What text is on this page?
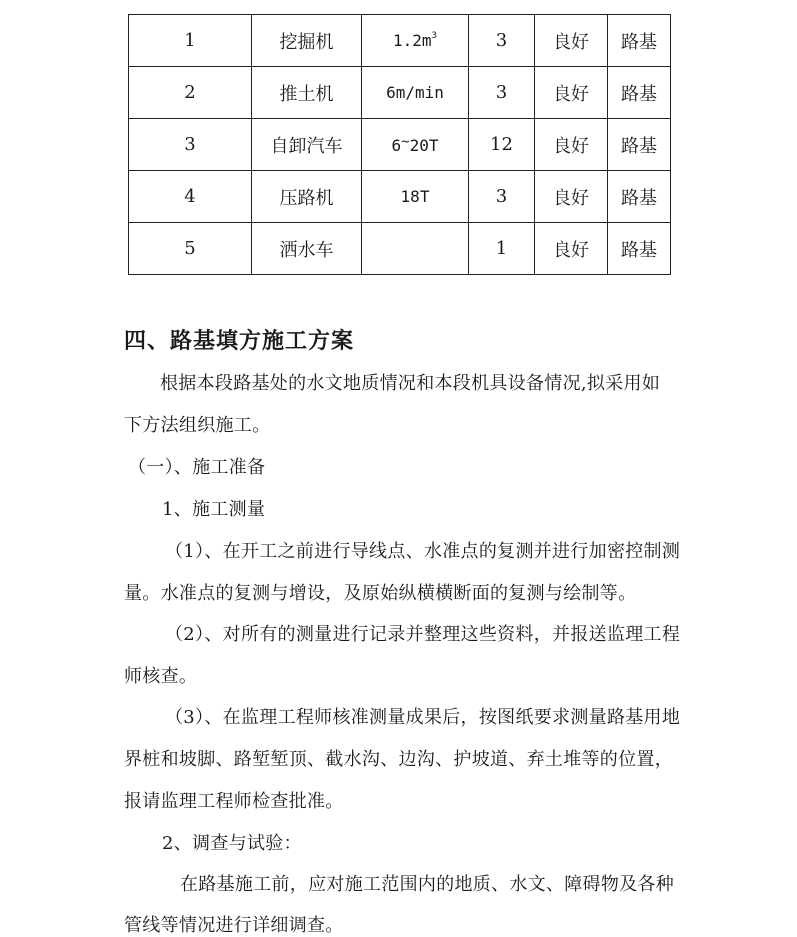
1	挖掘机	$1.2m^3$	3	良好	路基
2	推土机	6m/min	3	良好	路基
3	自卸汽车	6~20T	12	良好	路基
4	压路机	18T	3	良好	路基
5	洒水车		1	良好	路基
四、路基填方施工方案

根据本段路基处的水文地质情况和本段机具设备情况,拟采用如

下方法组织施工。

（一）、施工准备

1、施工测量

（1）、在开工之前进行导线点、水准点的复测并进行加密控制测

量。水准点的复测与增设，及原始纵横横断面的复测与绘制等。

（2）、对所有的测量进行记录并整理这些资料，并报送监理工程

师核查。

（3）、在监理工程师核准测量成果后，按图纸要求测量路基用地

界桩和坡脚、路堑堑顶、截水沟、边沟、护坡道、弃土堆等的位置，

报请监理工程师检查批准。

2、调查与试验：

在路基施工前，应对施工范围内的地质、水文、障碍物及各种

管线等情况进行详细调查。
